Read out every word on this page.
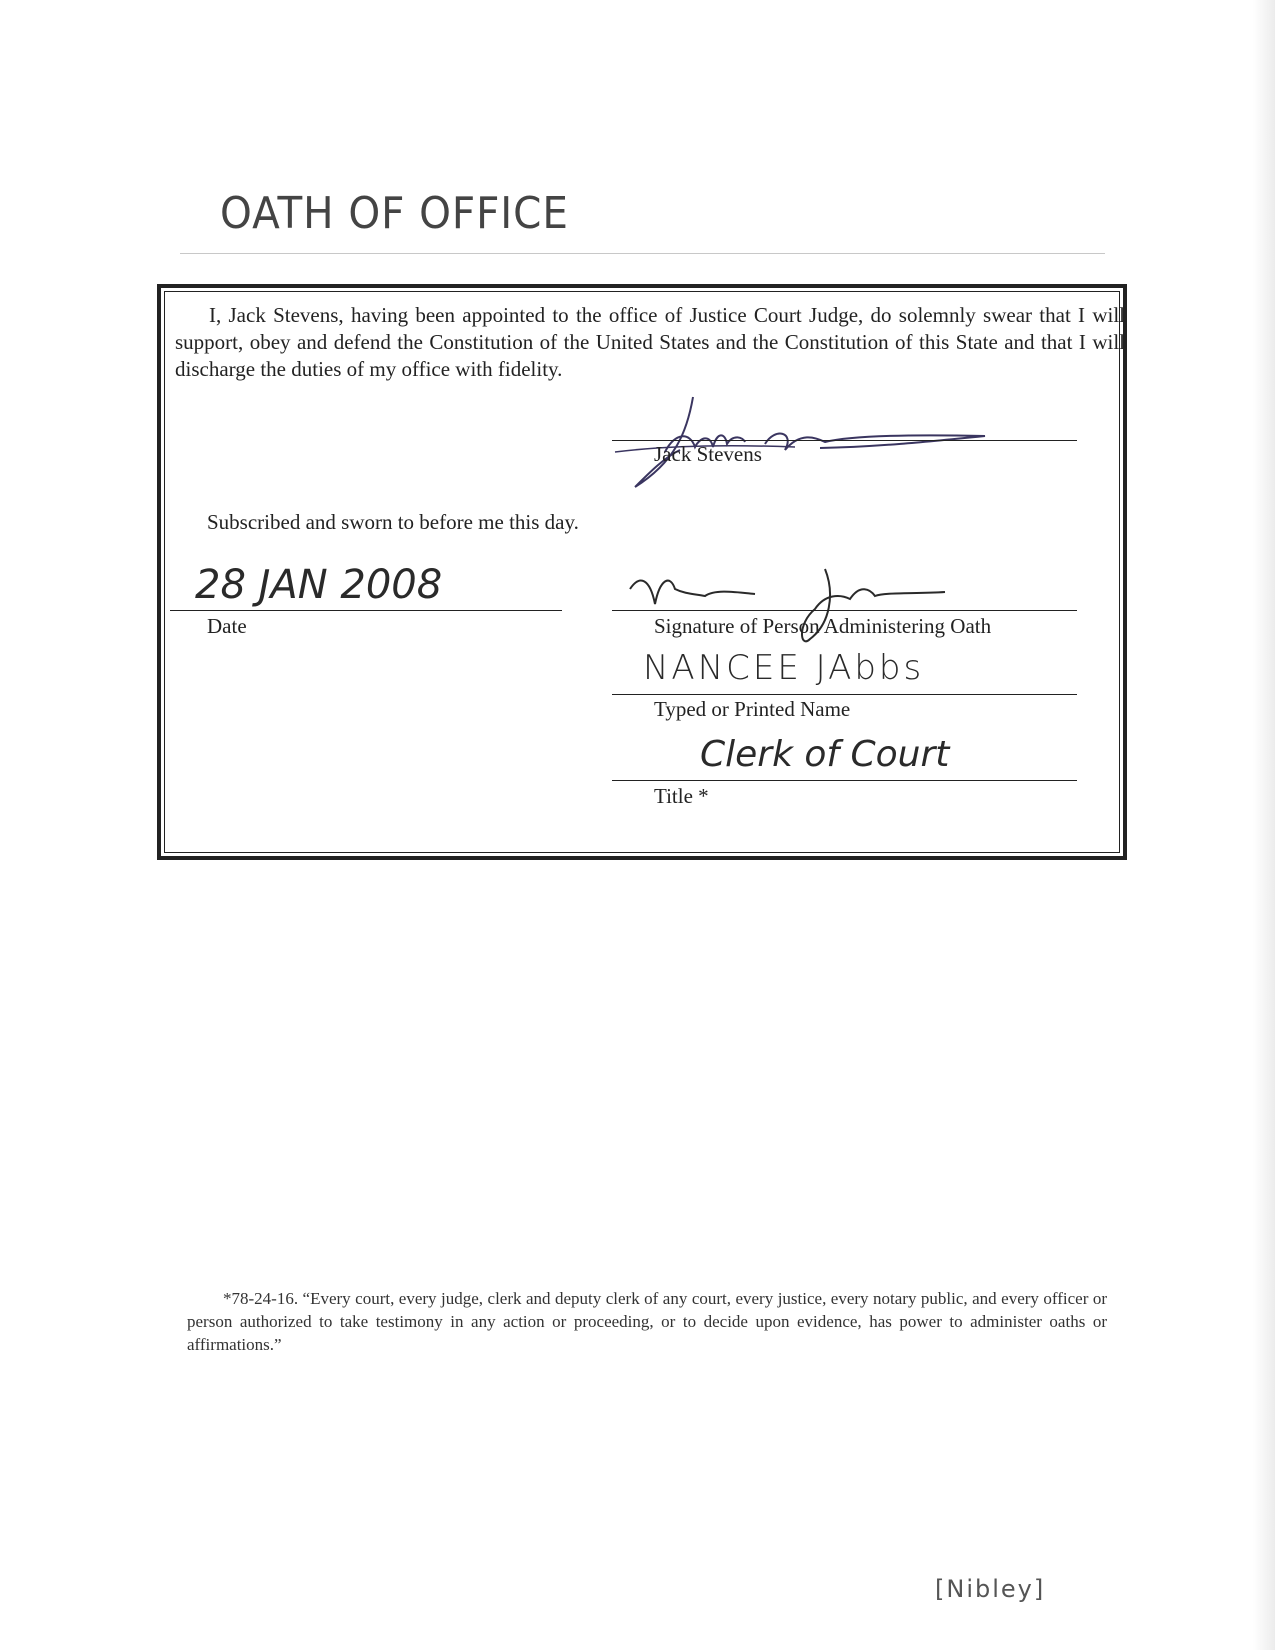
OATH OF OFFICE

I, Jack Stevens, having been appointed to the office of Justice Court Judge, do solemnly swear that I will support, obey and defend the Constitution of the United States and the Constitution of this State and that I will discharge the duties of my office with fidelity.

Jack Stevens
Subscribed and sworn to before me this day.
28 JAN 2008
Date	Signature of Person Administering Oath
NANCEE JAbbs
Typed or Printed Name
Clerk of Court
Title *

*78-24-16. “Every court, every judge, clerk and deputy clerk of any court, every justice, every notary public, and every officer or person authorized to take testimony in any action or proceeding, or to decide upon evidence, has power to administer oaths or affirmations.”

[Nibley]
